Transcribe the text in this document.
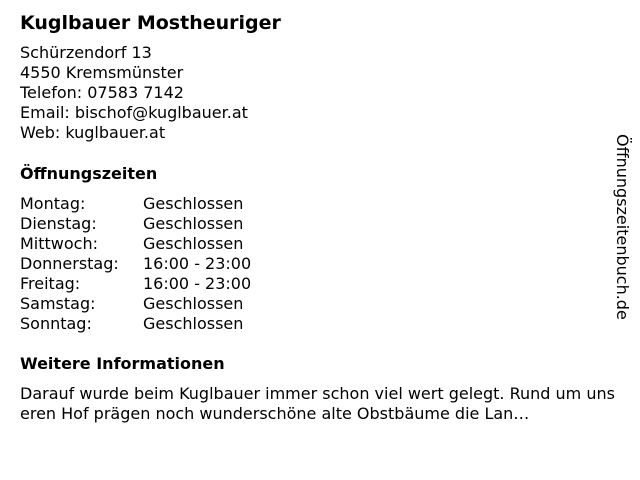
Kuglbauer Mostheuriger
Schürzendorf 13
4550 Kremsmünster
Telefon: 07583 7142
Email: bischof@kuglbauer.at
Web: kuglbauer.at
Öffnungszeiten
Montag:	Geschlossen
Dienstag:	Geschlossen
Mittwoch:	Geschlossen
Donnerstag:	16:00 - 23:00
Freitag:	16:00 - 23:00
Samstag:	Geschlossen
Sonntag:	Geschlossen
Weitere Informationen
Darauf wurde beim Kuglbauer immer schon viel wert gelegt. Rund um unseren Hof prägen noch wunderschöne alte Obstbäume die Lan…
Öffnungszeitenbuch.de
